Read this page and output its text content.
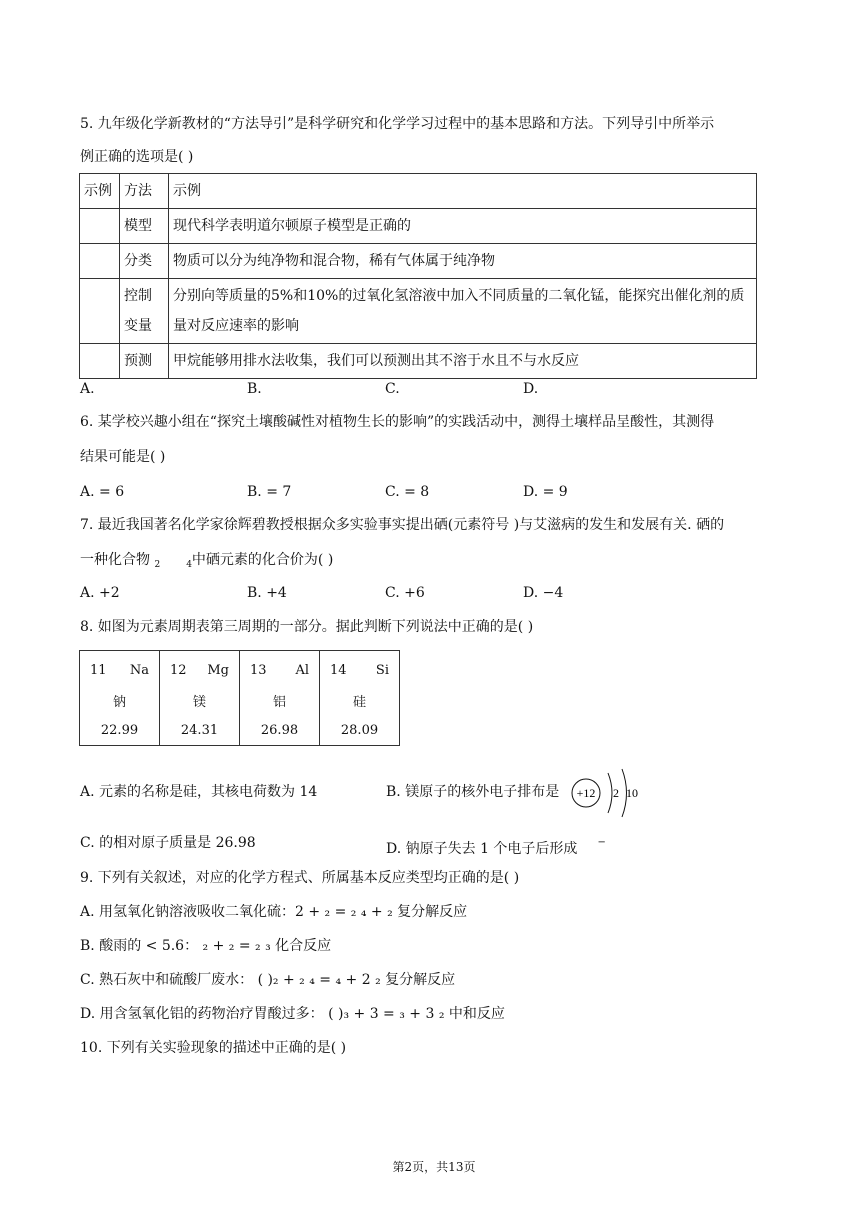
5. 九年级化学新教材的“方法导引”是科学研究和化学学习过程中的基本思路和方法。下列导引中所举示
例正确的选项是( )
示例	方法	示例
	模型	现代科学表明道尔顿原子模型是正确的
	分类	物质可以分为纯净物和混合物，稀有气体属于纯净物
	控制变量	分别向等质量的5%和10%的过氧化氢溶液中加入不同质量的二氧化锰，能探究出催化剂的质量对反应速率的影响
	预测	甲烷能够用排水法收集，我们可以预测出其不溶于水且不与水反应
A.	B.	C.	D.
6. 某学校兴趣小组在“探究土壤酸碱性对植物生长的影响”的实践活动中，测得土壤样品呈酸性，其测得
结果可能是( )
A. = 6	B. = 7	C. = 8	D. = 9
7. 最近我国著名化学家徐辉碧教授根据众多实验事实提出硒(元素符号 )与艾滋病的发生和发展有关. 硒的
一种化合物 $_2$	$_4$中硒元素的化合价为( )
A. +2	B. +4	C. +6	D. −4
8. 如图为元素周期表第三周期的一部分。据此判断下列说法中正确的是( )
11 Na
钠
22.99

12 Mg
镁
24.31

13 Al
铝
26.98

14 Si
硅
28.09
A. 元素的名称是硅，其核电荷数为 14	B. 镁原子的核外电子排布是 +12 2 10
C. 的相对原子质量是 26.98	D. 钠原子失去 1 个电子后形成 −
9. 下列有关叙述，对应的化学方程式、所属基本反应类型均正确的是( )
A. 用氢氧化钠溶液吸收二氧化硫：2 + ₂ = ₂ ₄ + ₂ 复分解反应
B. 酸雨的 < 5.6： ₂ + ₂ = ₂ ₃ 化合反应
C. 熟石灰中和硫酸厂废水： ( )₂ + ₂ ₄ = ₄ + 2 ₂ 复分解反应
D. 用含氢氧化铝的药物治疗胃酸过多： ( )₃ + 3 = ₃ + 3 ₂ 中和反应
10. 下列有关实验现象的描述中正确的是( )
第2页，共13页
